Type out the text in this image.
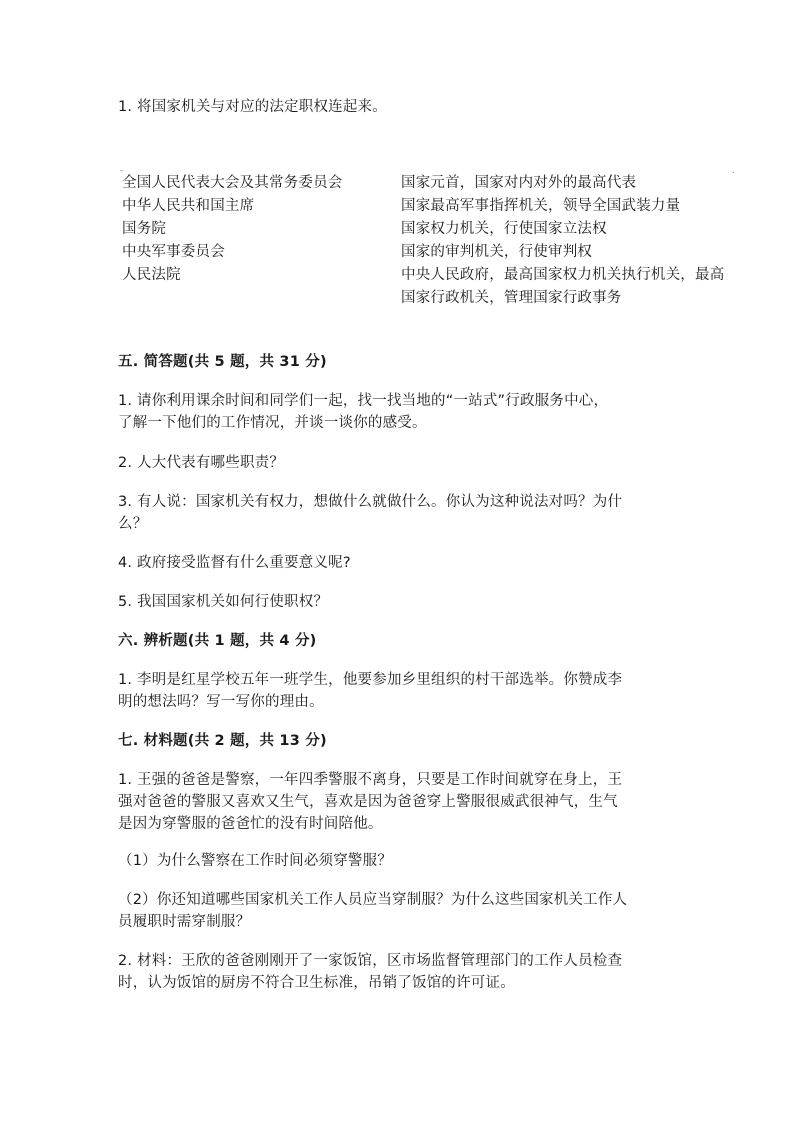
1. 将国家机关与对应的法定职权连起来。
-	.
全国人民代表大会及其常务委员会
中华人民共和国主席
国务院
中央军事委员会
人民法院
国家元首，国家对内对外的最高代表
国家最高军事指挥机关，领导全国武装力量
国家权力机关，行使国家立法权
国家的审判机关，行使审判权
中央人民政府，最高国家权力机关执行机关，最高
国家行政机关，管理国家行政事务
五. 简答题(共 5 题，共 31 分)
1. 请你利用课余时间和同学们一起，找一找当地的“一站式”行政服务中心，
了解一下他们的工作情况，并谈一谈你的感受。
2. 人大代表有哪些职责？
3. 有人说：国家机关有权力，想做什么就做什么。你认为这种说法对吗？为什
么？
4. 政府接受监督有什么重要意义呢?
5. 我国国家机关如何行使职权？
六. 辨析题(共 1 题，共 4 分)
1. 李明是红星学校五年一班学生，他要参加乡里组织的村干部选举。你赞成李
明的想法吗？写一写你的理由。
七. 材料题(共 2 题，共 13 分)
1. 王强的爸爸是警察，一年四季警服不离身，只要是工作时间就穿在身上，王
强对爸爸的警服又喜欢又生气，喜欢是因为爸爸穿上警服很威武很神气，生气
是因为穿警服的爸爸忙的没有时间陪他。
（1）为什么警察在工作时间必须穿警服？
（2）你还知道哪些国家机关工作人员应当穿制服？为什么这些国家机关工作人
员履职时需穿制服？
2. 材料：王欣的爸爸刚刚开了一家饭馆，区市场监督管理部门的工作人员检查
时，认为饭馆的厨房不符合卫生标准，吊销了饭馆的许可证。
